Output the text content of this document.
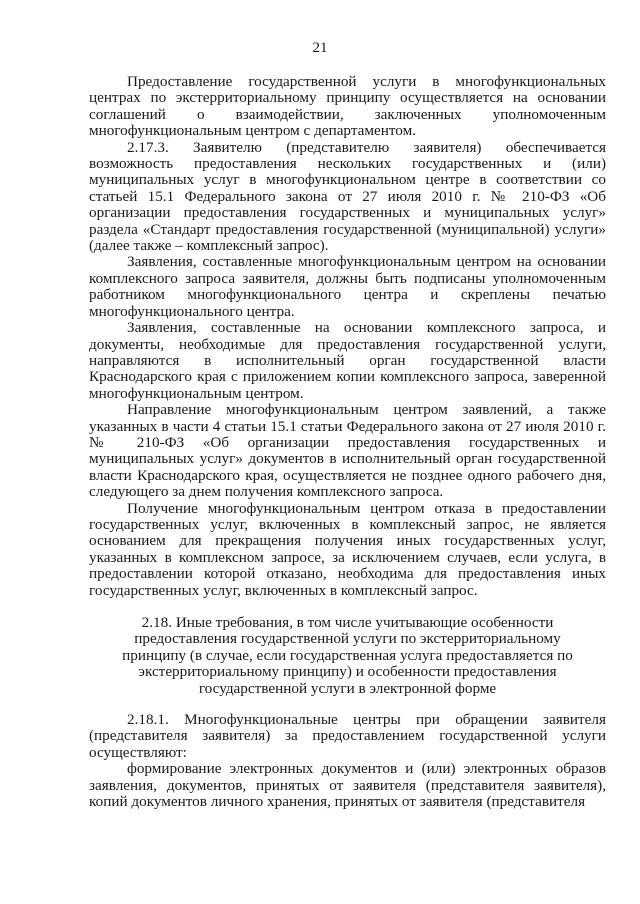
21

Предоставление государственной услуги в многофункциональных центрах по экстерриториальному принципу осуществляется на основании соглашений о взаимодействии, заключенных уполномоченным многофункциональным центром с департаментом.

2.17.3. Заявителю (представителю заявителя) обеспечивается возможность предоставления нескольких государственных и (или) муниципальных услуг в многофункциональном центре в соответствии со статьей 15.1 Федерального закона от 27 июля 2010 г. № 210-ФЗ «Об организации предоставления государственных и муниципальных услуг» раздела «Стандарт предоставления государственной (муниципальной) услуги» (далее также – комплексный запрос).

Заявления, составленные многофункциональным центром на основании комплексного запроса заявителя, должны быть подписаны уполномоченным работником многофункционального центра и скреплены печатью многофункционального центра.

Заявления, составленные на основании комплексного запроса, и документы, необходимые для предоставления государственной услуги, направляются в исполнительный орган государственной власти Краснодарского края с приложением копии комплексного запроса, заверенной многофункциональным центром.

Направление многофункциональным центром заявлений, а также указанных в части 4 статьи 15.1 статьи Федерального закона от 27 июля 2010 г. № 210-ФЗ «Об организации предоставления государственных и муниципальных услуг» документов в исполнительный орган государственной власти Краснодарского края, осуществляется не позднее одного рабочего дня, следующего за днем получения комплексного запроса.

Получение многофункциональным центром отказа в предоставлении государственных услуг, включенных в комплексный запрос, не является основанием для прекращения получения иных государственных услуг, указанных в комплексном запросе, за исключением случаев, если услуга, в предоставлении которой отказано, необходима для предоставления иных государственных услуг, включенных в комплексный запрос.

2.18. Иные требования, в том числе учитывающие особенности предоставления государственной услуги по экстерриториальному принципу (в случае, если государственная услуга предоставляется по экстерриториальному принципу) и особенности предоставления государственной услуги в электронной форме

2.18.1. Многофункциональные центры при обращении заявителя (представителя заявителя) за предоставлением государственной услуги осуществляют:

формирование электронных документов и (или) электронных образов заявления, документов, принятых от заявителя (представителя заявителя), копий документов личного хранения, принятых от заявителя (представителя
